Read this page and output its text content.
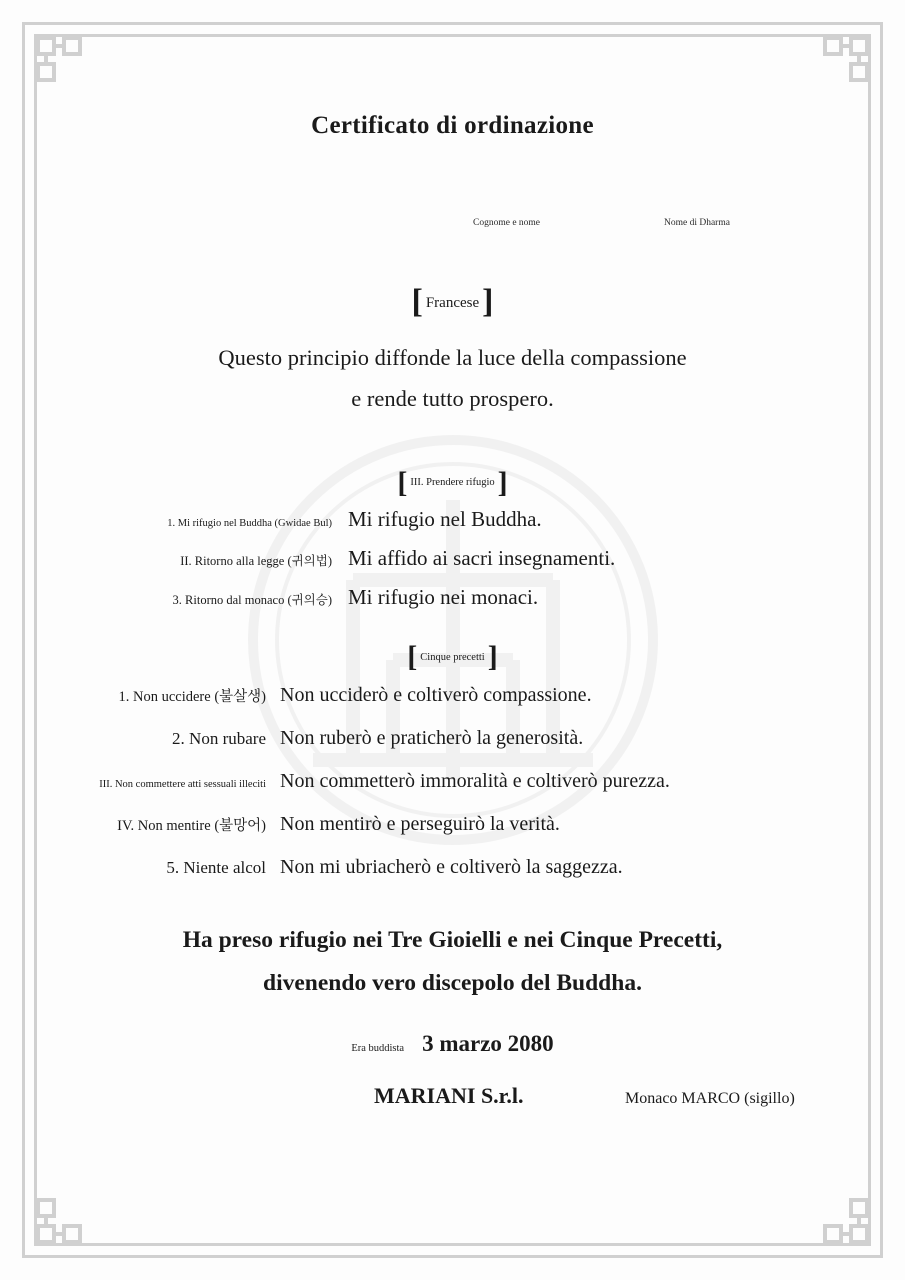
Certificato di ordinazione
Cognome e nome	Nome di Dharma
[ Francese ]
Questo principio diffonde la luce della compassione
e rende tutto prospero.
[ III. Prendere rifugio ]
1. Mi rifugio nel Buddha (Gwidae Bul) Mi rifugio nel Buddha.
II. Ritorno alla legge (귀의법) Mi affido ai sacri insegnamenti.
3. Ritorno dal monaco (귀의승) Mi rifugio nei monaci.
[ Cinque precetti ]
1. Non uccidere (불살생) Non ucciderò e coltiverò compassione.
2. Non rubare Non ruberò e praticherò la generosità.
III. Non commettere atti sessuali illeciti Non commetterò immoralità e coltiverò purezza.
IV. Non mentire (불망어) Non mentirò e perseguirò la verità.
5. Niente alcol Non mi ubriacherò e coltiverò la saggezza.
Ha preso rifugio nei Tre Gioielli e nei Cinque Precetti,
divenendo vero discepolo del Buddha.
Era buddista 3 marzo 2080
MARIANI S.r.l.	Monaco MARCO (sigillo)
